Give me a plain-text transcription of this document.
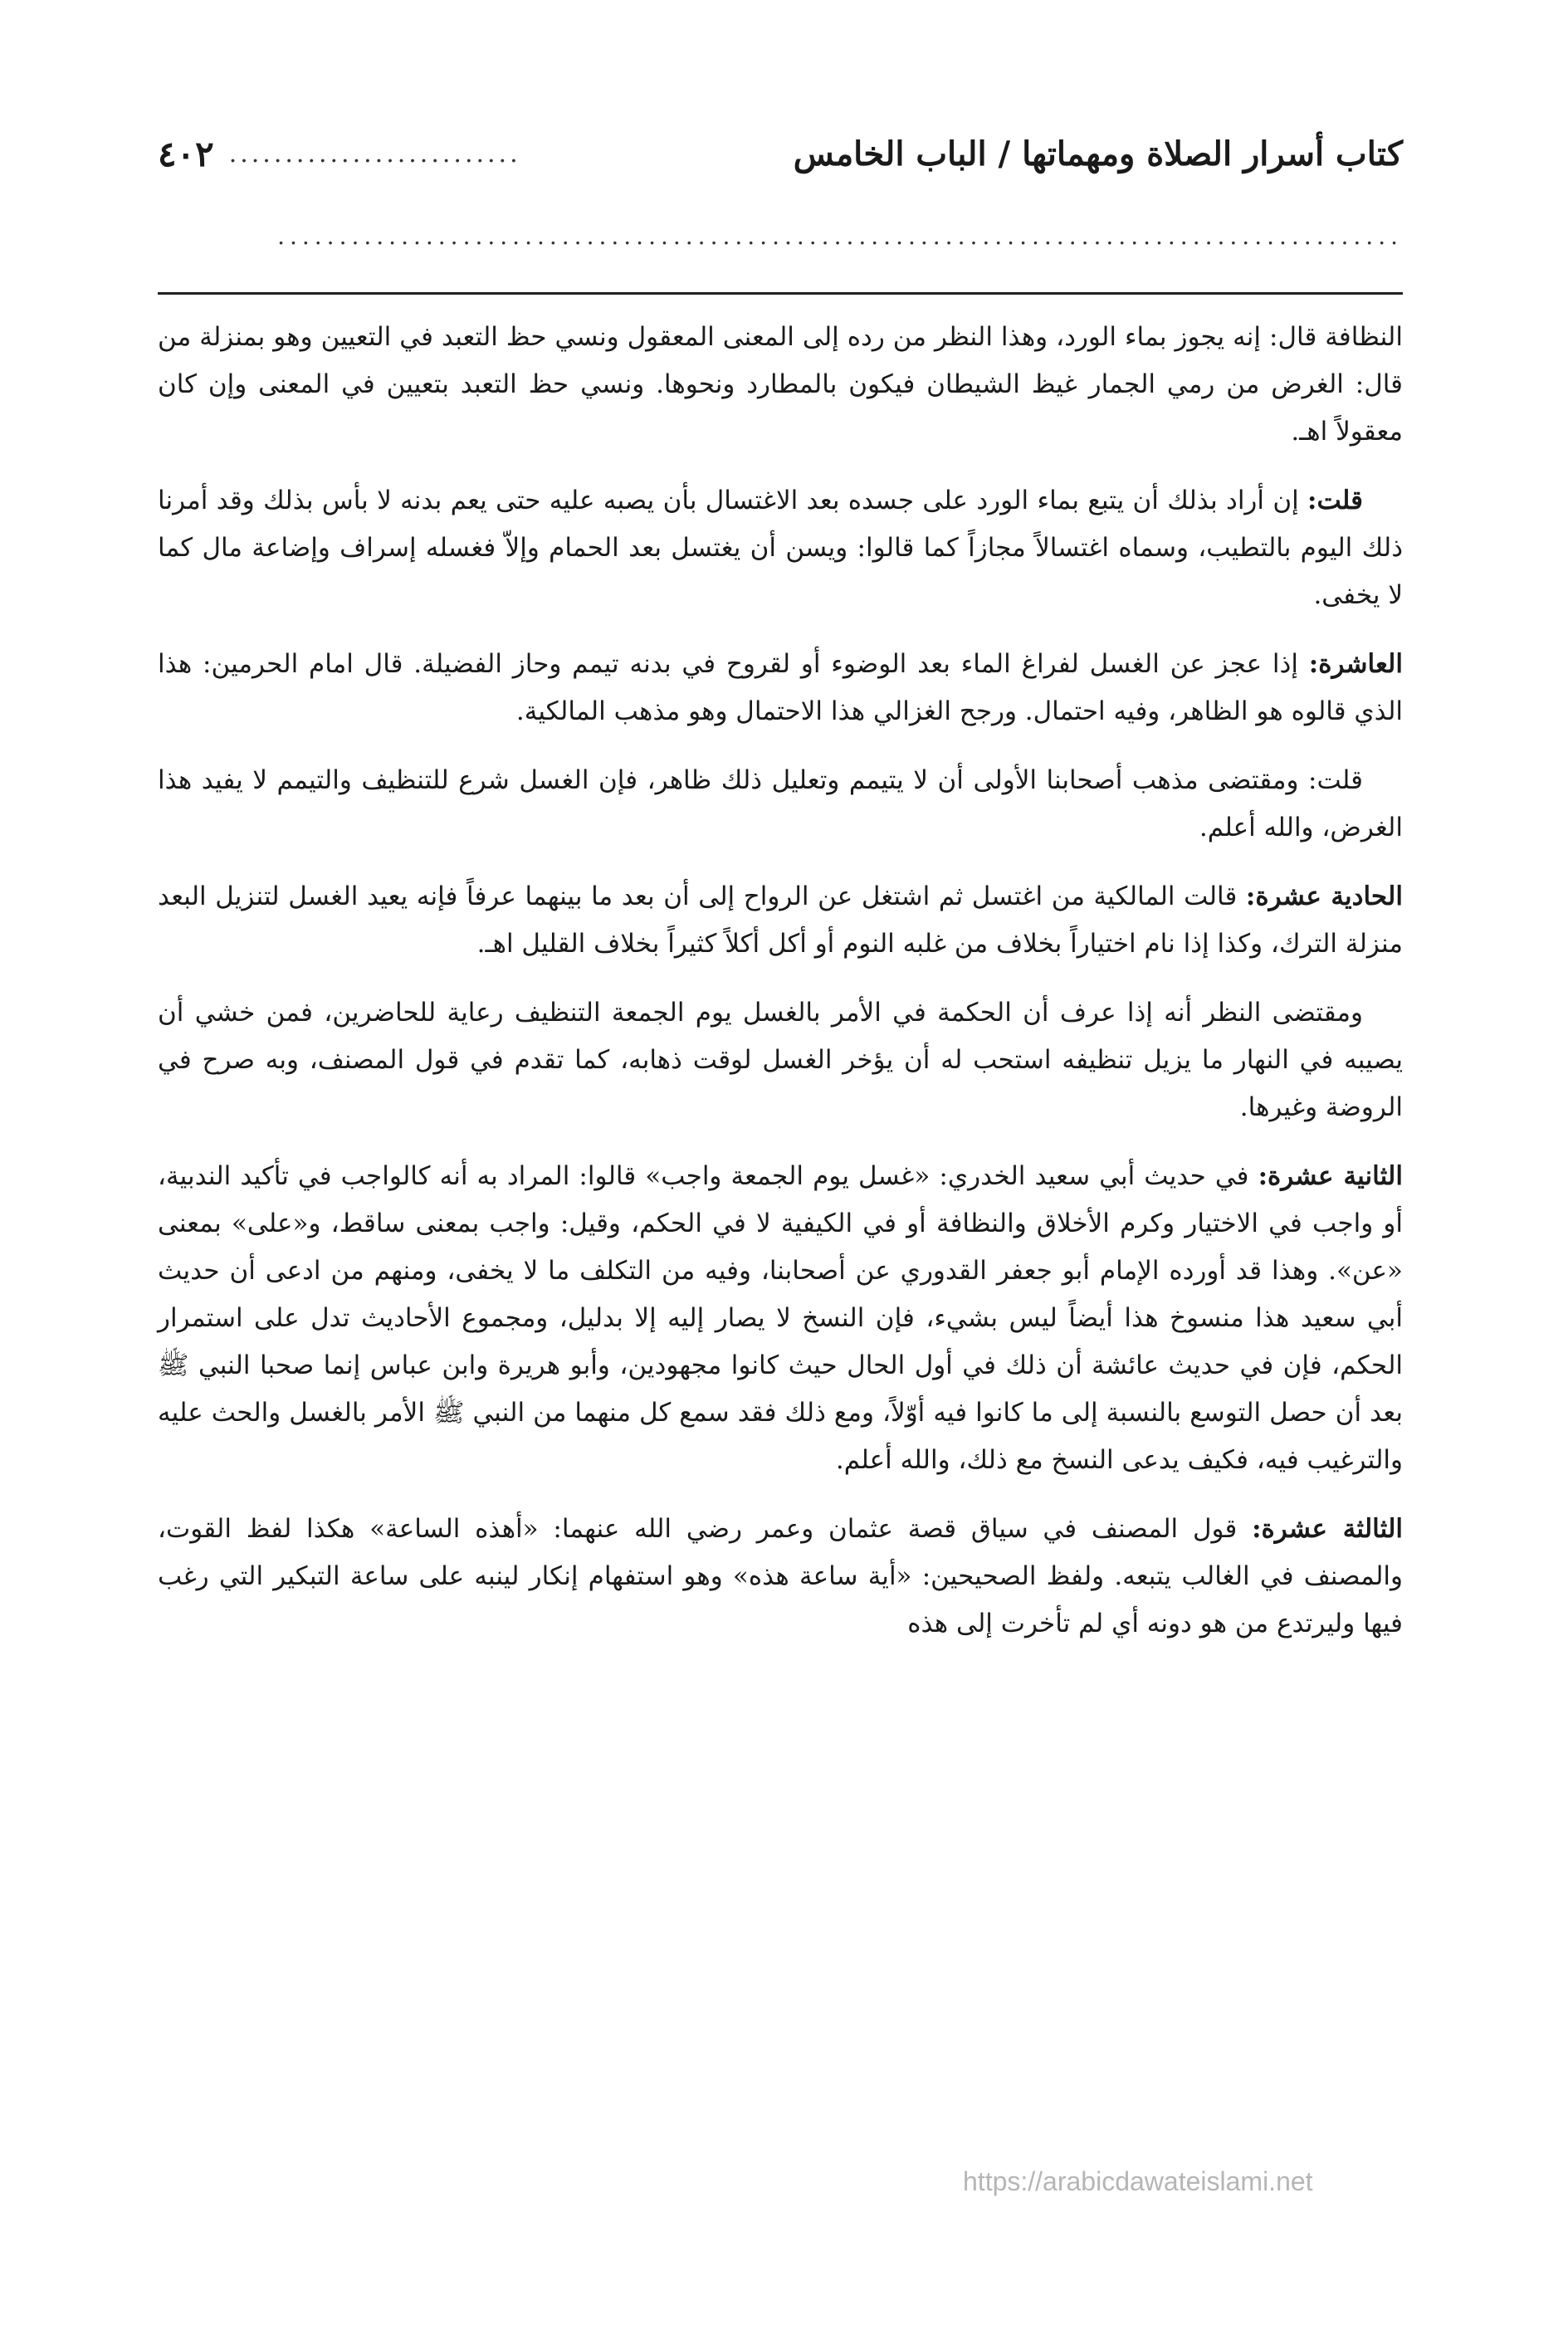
كتاب أسرار الصلاة ومهماتها / الباب الخامس
..........................
٤٠٢
...........................................................................................

النظافة قال: إنه يجوز بماء الورد، وهذا النظر من رده إلى المعنى المعقول ونسي حظ التعبد في التعيين وهو بمنزلة من قال: الغرض من رمي الجمار غيظ الشيطان فيكون بالمطارد ونحوها. ونسي حظ التعبد بتعيين في المعنى وإن كان معقولاً اهـ.

قلت: إن أراد بذلك أن يتبع بماء الورد على جسده بعد الاغتسال بأن يصبه عليه حتى يعم بدنه لا بأس بذلك وقد أمرنا ذلك اليوم بالتطيب، وسماه اغتسالاً مجازاً كما قالوا: ويسن أن يغتسل بعد الحمام وإلاّ فغسله إسراف وإضاعة مال كما لا يخفى.

العاشرة: إذا عجز عن الغسل لفراغ الماء بعد الوضوء أو لقروح في بدنه تيمم وحاز الفضيلة. قال امام الحرمين: هذا الذي قالوه هو الظاهر، وفيه احتمال. ورجح الغزالي هذا الاحتمال وهو مذهب المالكية.

قلت: ومقتضى مذهب أصحابنا الأولى أن لا يتيمم وتعليل ذلك ظاهر، فإن الغسل شرع للتنظيف والتيمم لا يفيد هذا الغرض، والله أعلم.

الحادية عشرة: قالت المالكية من اغتسل ثم اشتغل عن الرواح إلى أن بعد ما بينهما عرفاً فإنه يعيد الغسل لتنزيل البعد منزلة الترك، وكذا إذا نام اختياراً بخلاف من غلبه النوم أو أكل أكلاً كثيراً بخلاف القليل اهـ.

ومقتضى النظر أنه إذا عرف أن الحكمة في الأمر بالغسل يوم الجمعة التنظيف رعاية للحاضرين، فمن خشي أن يصيبه في النهار ما يزيل تنظيفه استحب له أن يؤخر الغسل لوقت ذهابه، كما تقدم في قول المصنف، وبه صرح في الروضة وغيرها.

الثانية عشرة: في حديث أبي سعيد الخدري: «غسل يوم الجمعة واجب» قالوا: المراد به أنه كالواجب في تأكيد الندبية، أو واجب في الاختيار وكرم الأخلاق والنظافة أو في الكيفية لا في الحكم، وقيل: واجب بمعنى ساقط، و«على» بمعنى «عن». وهذا قد أورده الإمام أبو جعفر القدوري عن أصحابنا، وفيه من التكلف ما لا يخفى، ومنهم من ادعى أن حديث أبي سعيد هذا منسوخ هذا أيضاً ليس بشيء، فإن النسخ لا يصار إليه إلا بدليل، ومجموع الأحاديث تدل على استمرار الحكم، فإن في حديث عائشة أن ذلك في أول الحال حيث كانوا مجهودين، وأبو هريرة وابن عباس إنما صحبا النبي ﷺ بعد أن حصل التوسع بالنسبة إلى ما كانوا فيه أوّلاً، ومع ذلك فقد سمع كل منهما من النبي ﷺ الأمر بالغسل والحث عليه والترغيب فيه، فكيف يدعى النسخ مع ذلك، والله أعلم.

الثالثة عشرة: قول المصنف في سياق قصة عثمان وعمر رضي الله عنهما: «أهذه الساعة» هكذا لفظ القوت، والمصنف في الغالب يتبعه. ولفظ الصحيحين: «أية ساعة هذه» وهو استفهام إنكار لينبه على ساعة التبكير التي رغب فيها وليرتدع من هو دونه أي لم تأخرت إلى هذه

https://arabicdawateislami.net
